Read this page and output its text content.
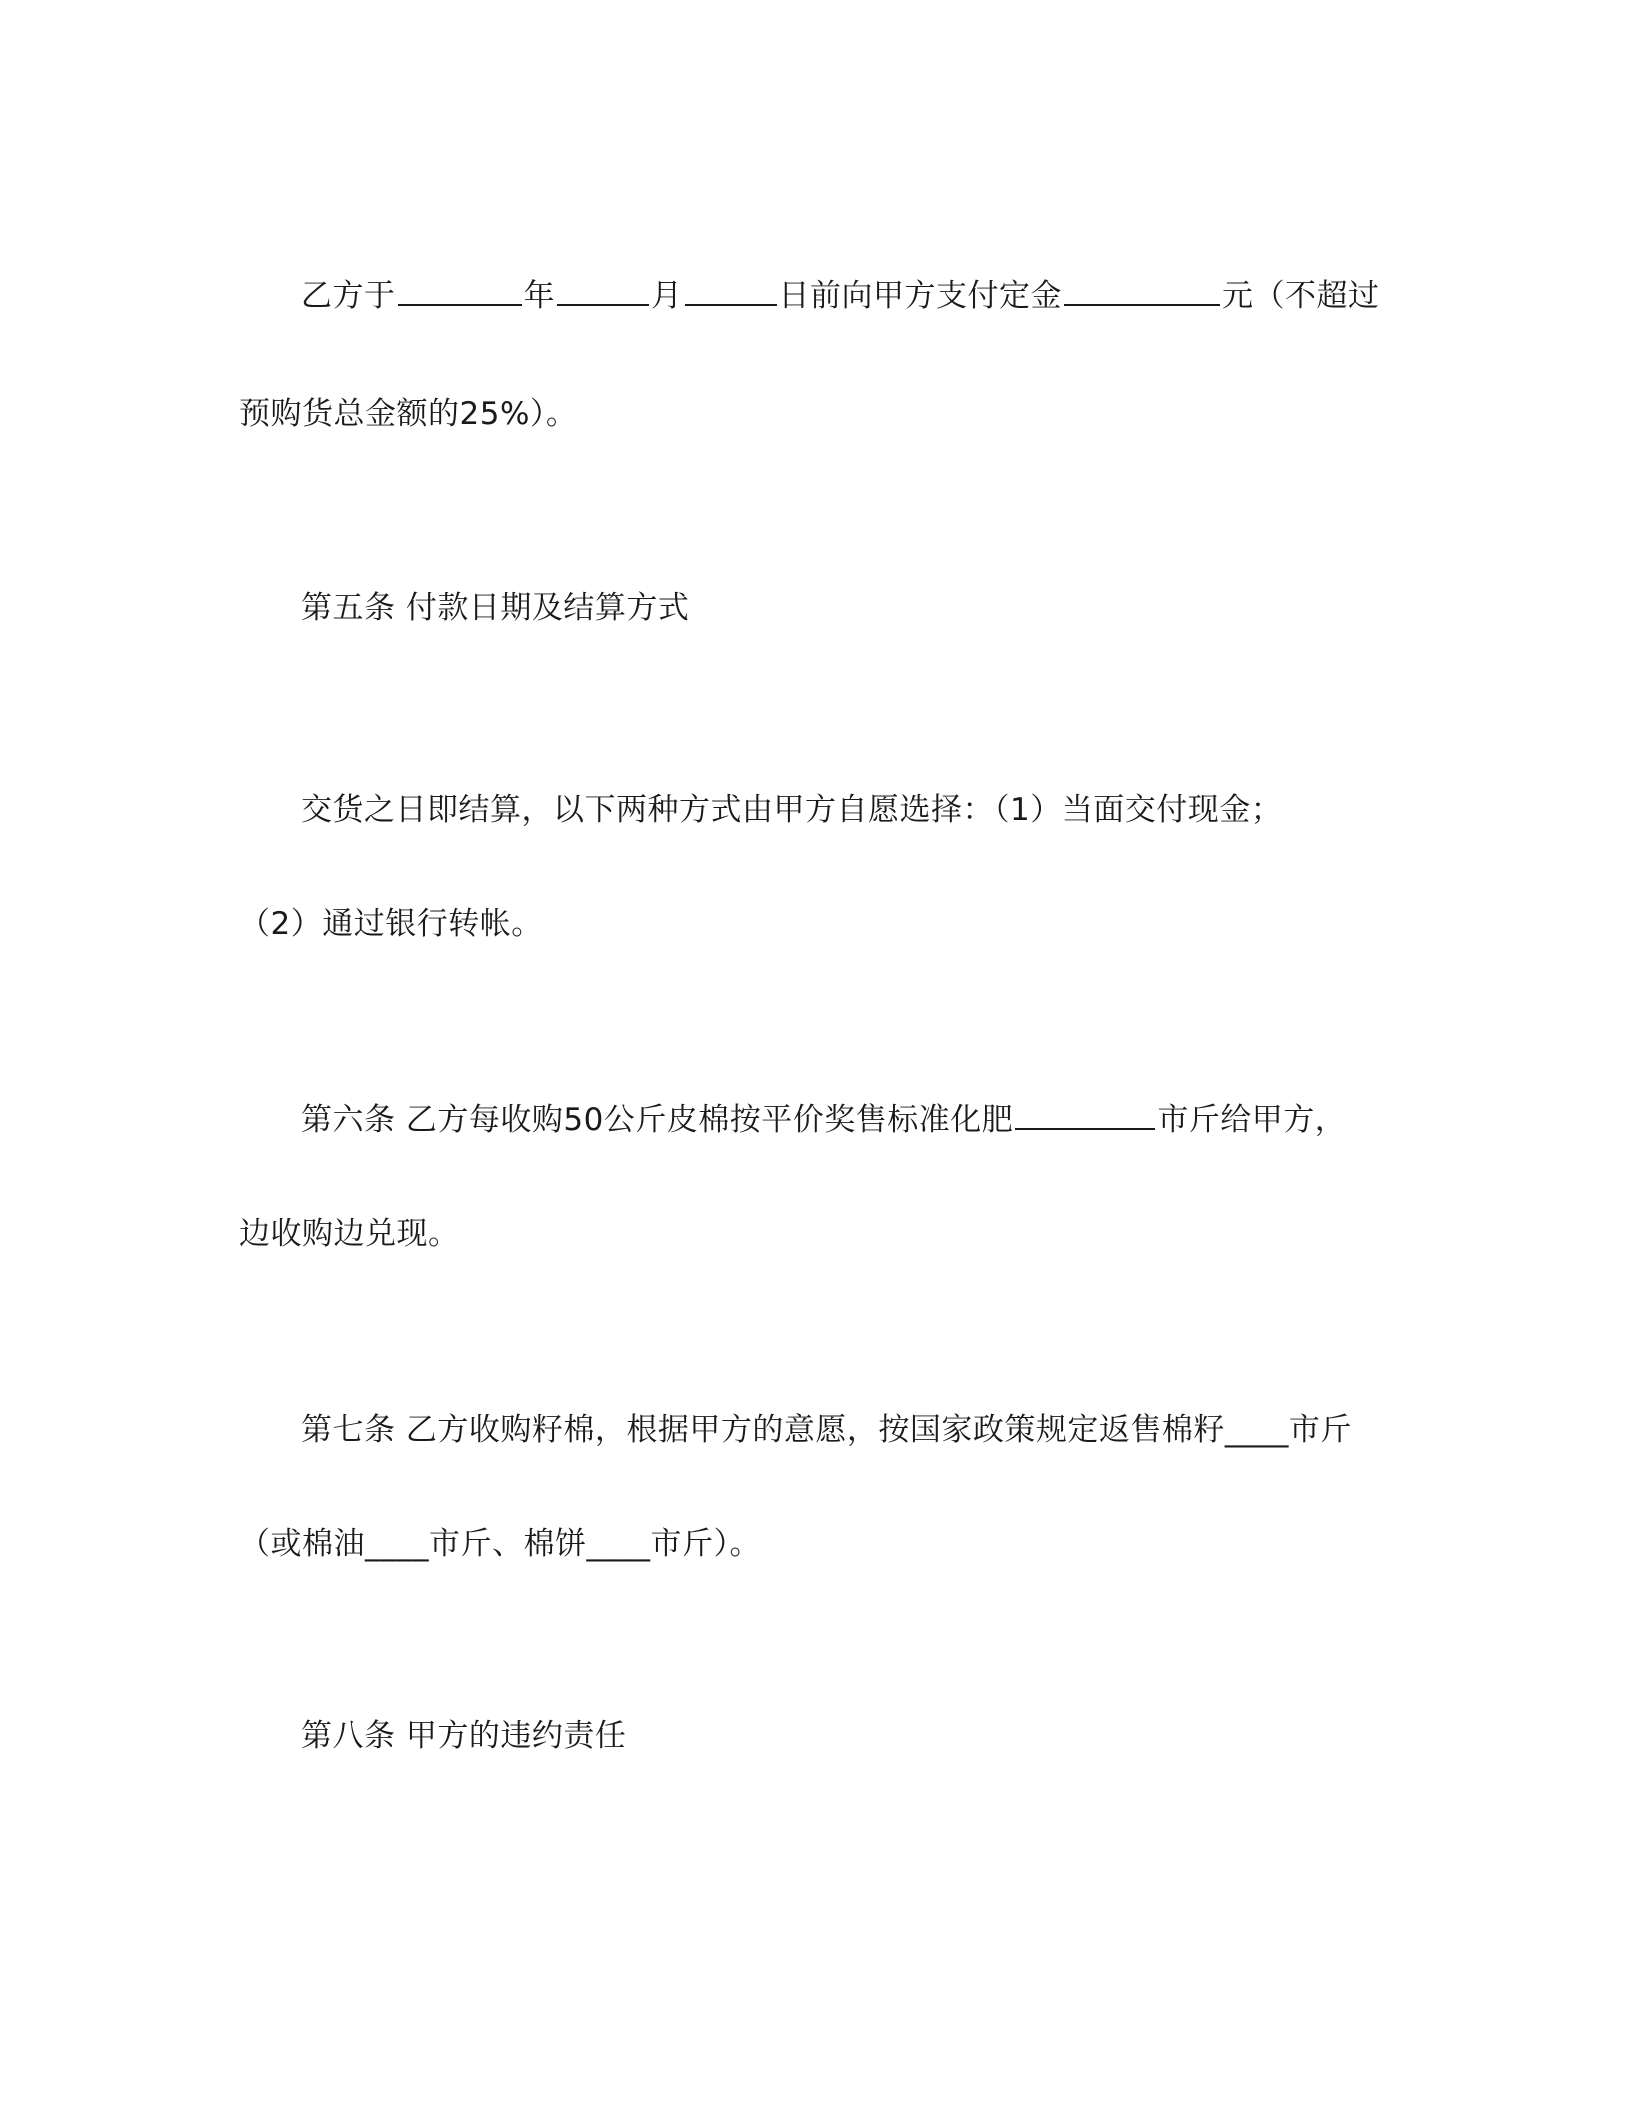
乙方于	年	月	日前向甲方支付定金	元（不超过
预购货总金额的25%）。
第五条 付款日期及结算方式
交货之日即结算，以下两种方式由甲方自愿选择：（1）当面交付现金；
（2）通过银行转帐。
第六条 乙方每收购50公斤皮棉按平价奖售标准化肥	市斤给甲方，
边收购边兑现。
第七条 乙方收购籽棉，根据甲方的意愿，按国家政策规定返售棉籽____市斤
（或棉油____市斤、棉饼____市斤）。
第八条 甲方的违约责任
